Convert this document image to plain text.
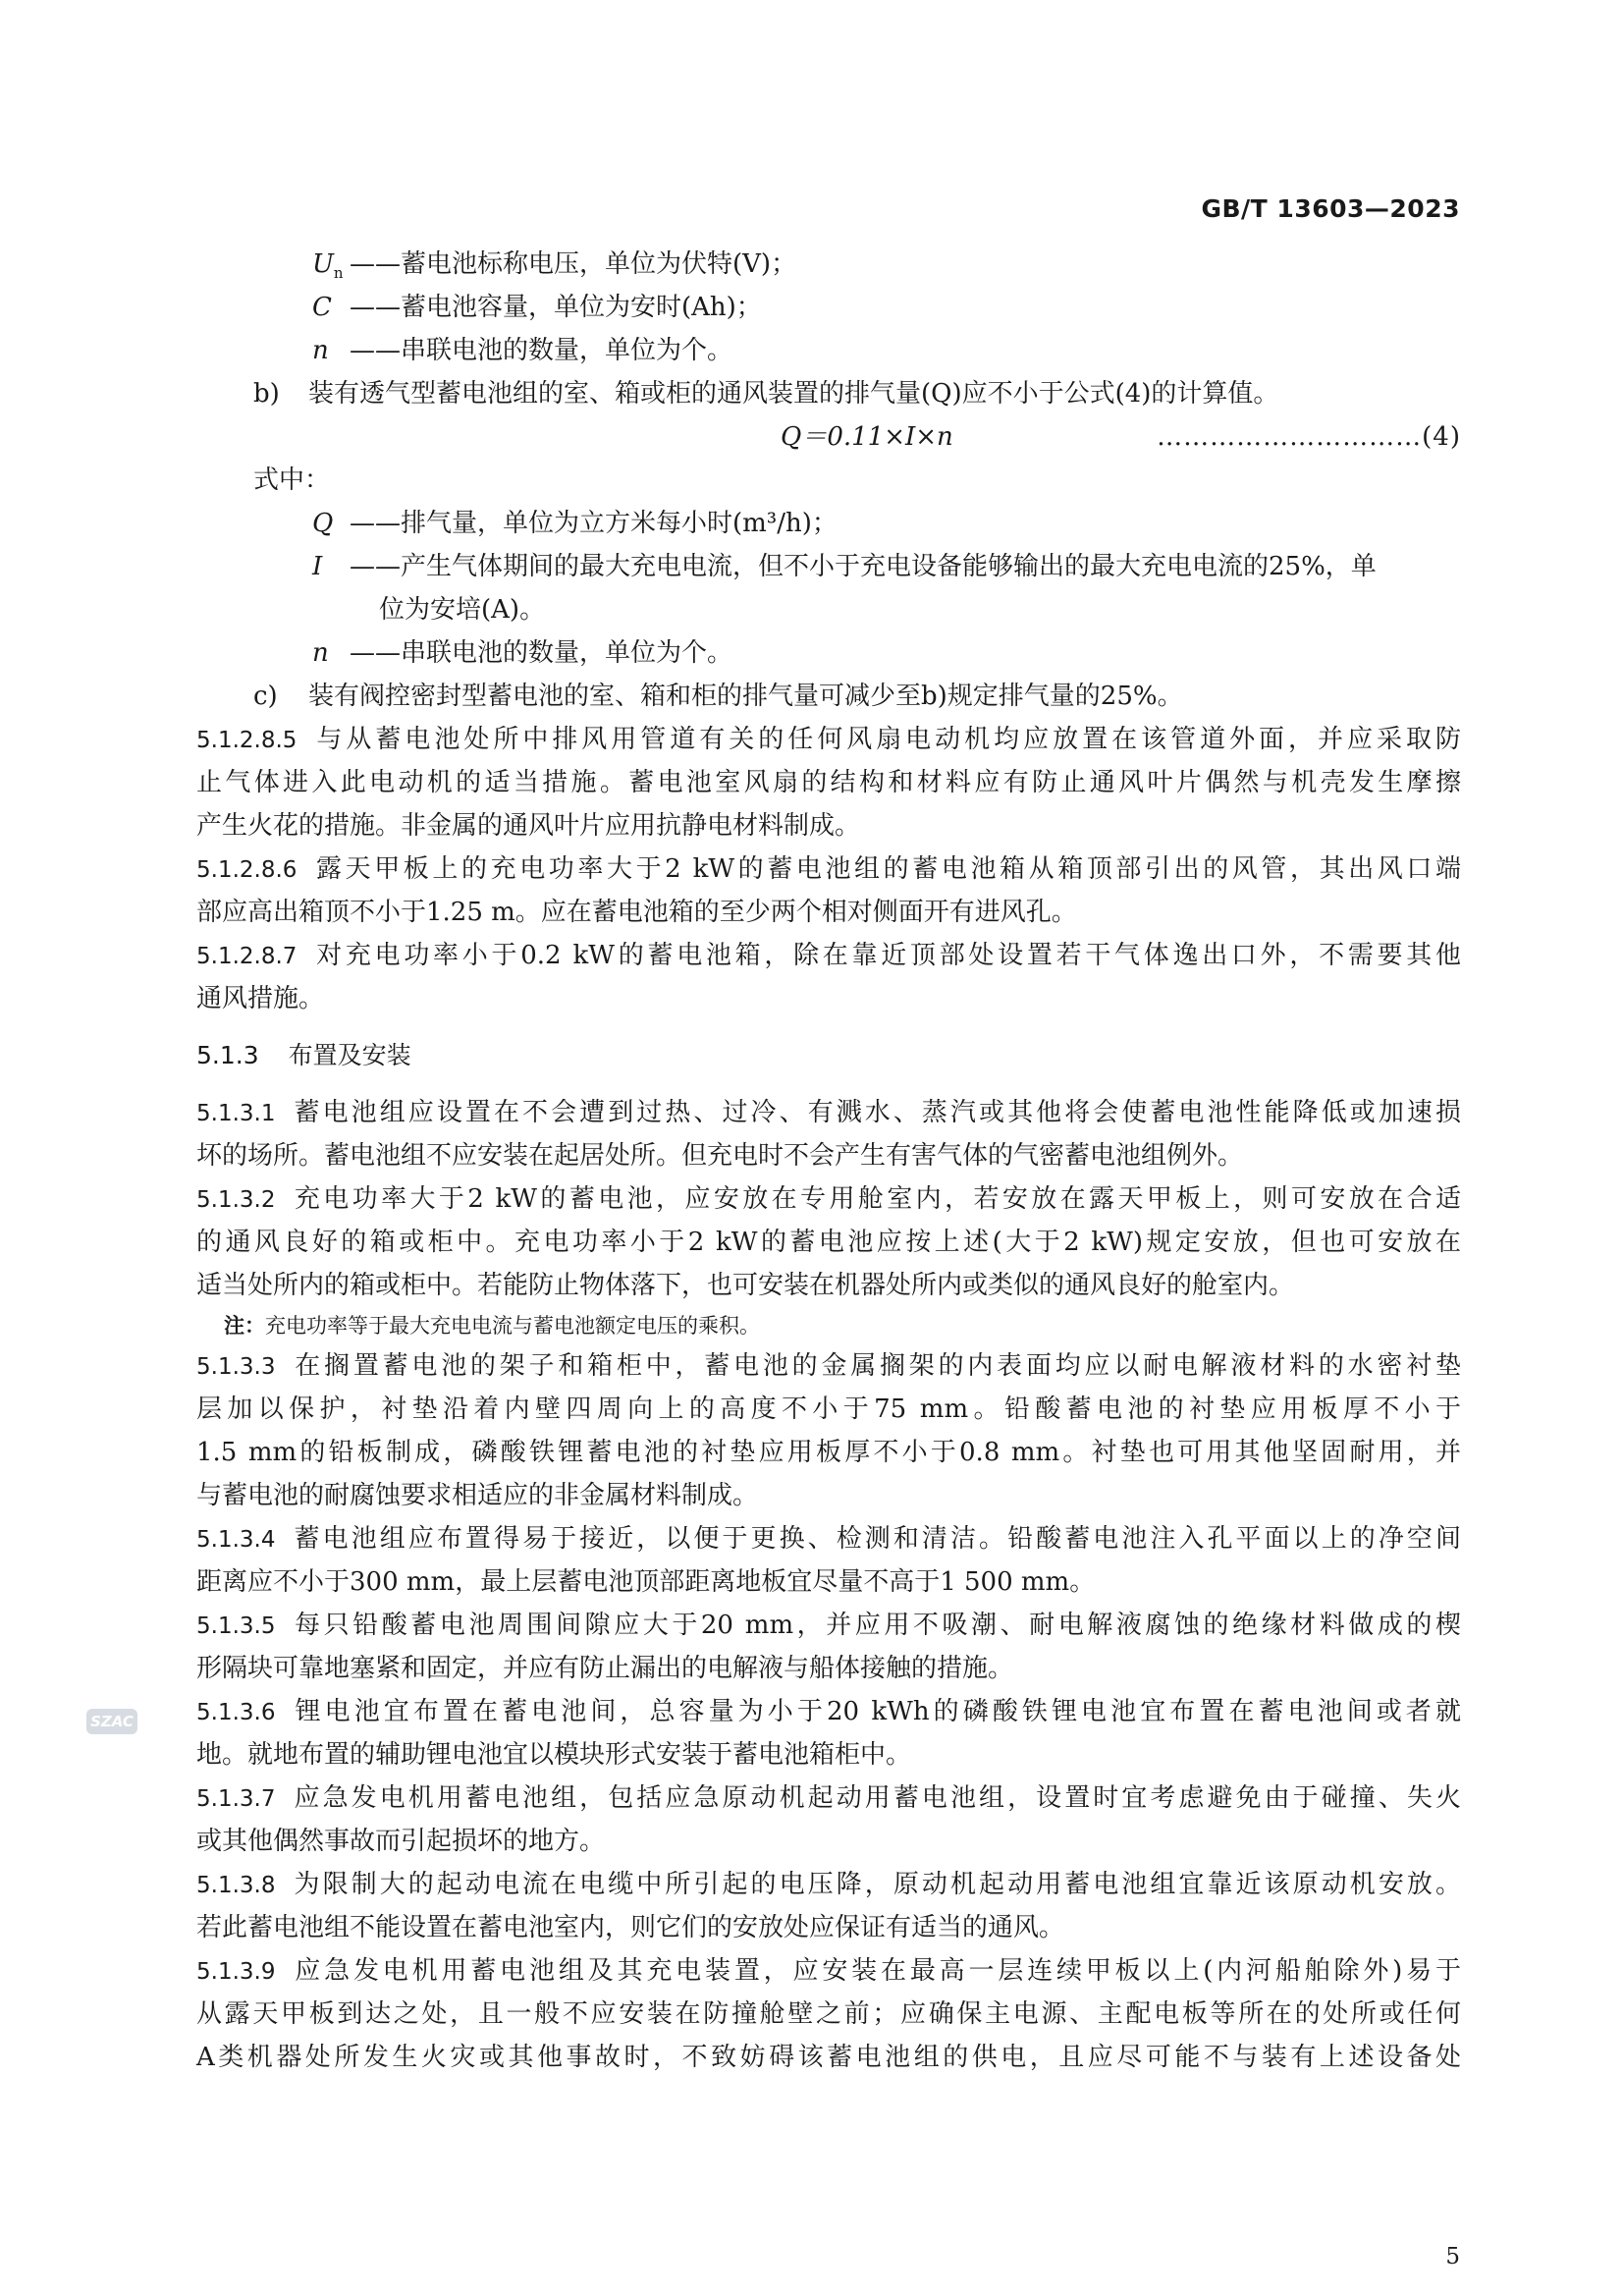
GB/T 13603—2023
$U_n$ ——蓄电池标称电压，单位为伏特(V)；
C ——蓄电池容量，单位为安时(Ah)；
n ——串联电池的数量，单位为个。
b) 装有透气型蓄电池组的室、箱或柜的通风装置的排气量(Q)应不小于公式(4)的计算值。
Q＝0.11×I×n	…………………………(4)
式中：
Q ——排气量，单位为立方米每小时(m³/h)；
I ——产生气体期间的最大充电电流，但不小于充电设备能够输出的最大充电电流的25%，单
位为安培(A)。
n ——串联电池的数量，单位为个。
c) 装有阀控密封型蓄电池的室、箱和柜的排气量可减少至b)规定排气量的25%。
5.1.2.8.5 与从蓄电池处所中排风用管道有关的任何风扇电动机均应放置在该管道外面，并应采取防
止气体进入此电动机的适当措施。蓄电池室风扇的结构和材料应有防止通风叶片偶然与机壳发生摩擦
产生火花的措施。非金属的通风叶片应用抗静电材料制成。
5.1.2.8.6 露天甲板上的充电功率大于2 kW的蓄电池组的蓄电池箱从箱顶部引出的风管，其出风口端
部应高出箱顶不小于1.25 m。应在蓄电池箱的至少两个相对侧面开有进风孔。
5.1.2.8.7 对充电功率小于0.2 kW的蓄电池箱，除在靠近顶部处设置若干气体逸出口外，不需要其他
通风措施。
5.1.3 布置及安装
5.1.3.1 蓄电池组应设置在不会遭到过热、过冷、有溅水、蒸汽或其他将会使蓄电池性能降低或加速损
坏的场所。蓄电池组不应安装在起居处所。但充电时不会产生有害气体的气密蓄电池组例外。
5.1.3.2 充电功率大于2 kW的蓄电池，应安放在专用舱室内，若安放在露天甲板上，则可安放在合适
的通风良好的箱或柜中。充电功率小于2 kW的蓄电池应按上述(大于2 kW)规定安放，但也可安放在
适当处所内的箱或柜中。若能防止物体落下，也可安装在机器处所内或类似的通风良好的舱室内。
注：充电功率等于最大充电电流与蓄电池额定电压的乘积。
5.1.3.3 在搁置蓄电池的架子和箱柜中，蓄电池的金属搁架的内表面均应以耐电解液材料的水密衬垫
层加以保护，衬垫沿着内壁四周向上的高度不小于75 mm。铅酸蓄电池的衬垫应用板厚不小于
1.5 mm的铅板制成，磷酸铁锂蓄电池的衬垫应用板厚不小于0.8 mm。衬垫也可用其他坚固耐用，并
与蓄电池的耐腐蚀要求相适应的非金属材料制成。
5.1.3.4 蓄电池组应布置得易于接近，以便于更换、检测和清洁。铅酸蓄电池注入孔平面以上的净空间
距离应不小于300 mm，最上层蓄电池顶部距离地板宜尽量不高于1 500 mm。
5.1.3.5 每只铅酸蓄电池周围间隙应大于20 mm，并应用不吸潮、耐电解液腐蚀的绝缘材料做成的楔
形隔块可靠地塞紧和固定，并应有防止漏出的电解液与船体接触的措施。
5.1.3.6 锂电池宜布置在蓄电池间，总容量为小于20 kWh的磷酸铁锂电池宜布置在蓄电池间或者就
地。就地布置的辅助锂电池宜以模块形式安装于蓄电池箱柜中。
5.1.3.7 应急发电机用蓄电池组，包括应急原动机起动用蓄电池组，设置时宜考虑避免由于碰撞、失火
或其他偶然事故而引起损坏的地方。
5.1.3.8 为限制大的起动电流在电缆中所引起的电压降，原动机起动用蓄电池组宜靠近该原动机安放。
若此蓄电池组不能设置在蓄电池室内，则它们的安放处应保证有适当的通风。
5.1.3.9 应急发电机用蓄电池组及其充电装置，应安装在最高一层连续甲板以上(内河船舶除外)易于
从露天甲板到达之处，且一般不应安装在防撞舱壁之前；应确保主电源、主配电板等所在的处所或任何
A类机器处所发生火灾或其他事故时，不致妨碍该蓄电池组的供电，且应尽可能不与装有上述设备处
SZAC
5
